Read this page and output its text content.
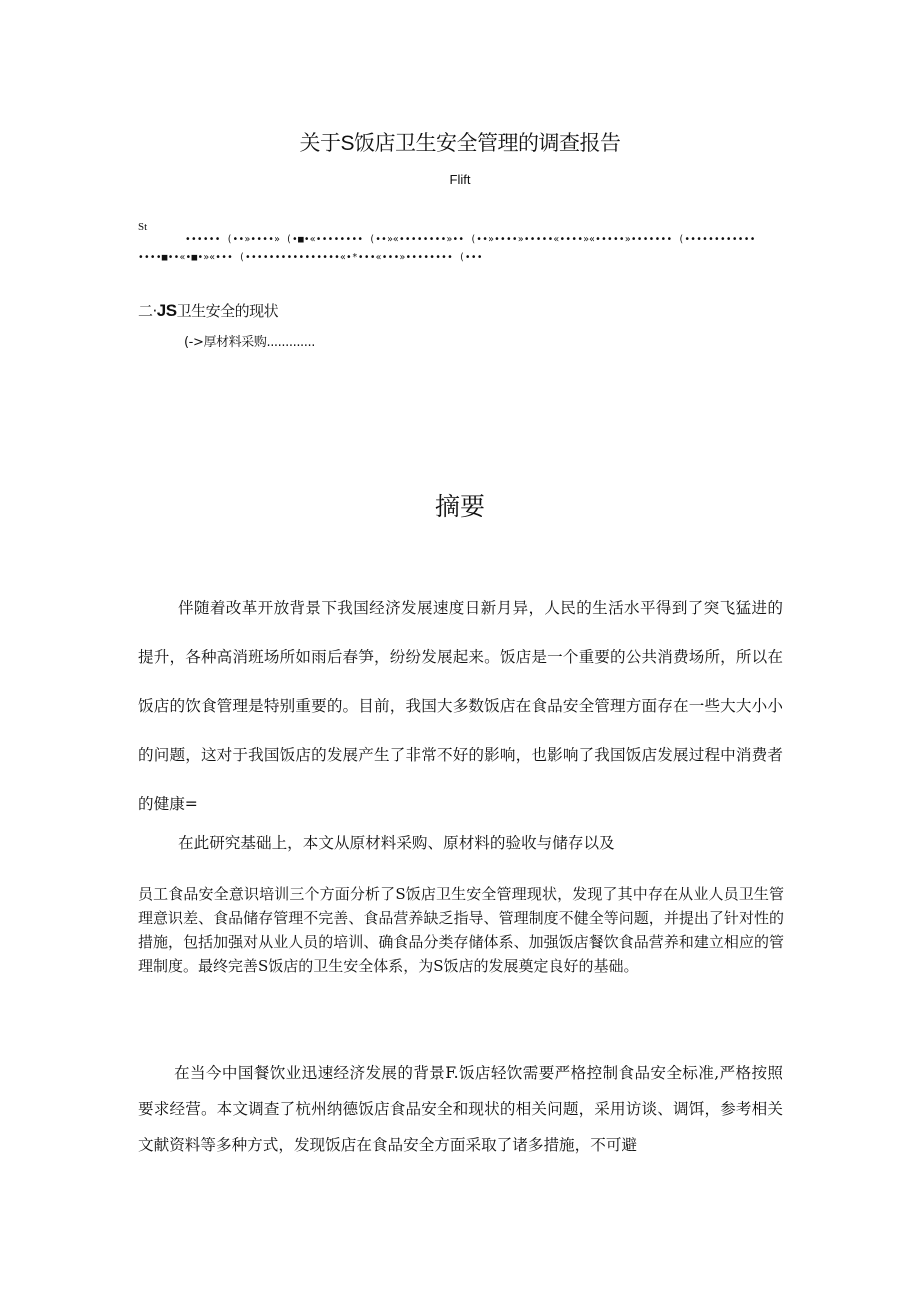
关于S饭店卫生安全管理的调查报告
Flift
St
•••••• (••»••••» (•■•«•••••••• (••»«••••••••»•• (••»••••»•••••«••••»«•••••»••••••• (••••••••••••
••••■••«•■•»«••• (••••••••••••••••«•*•••«•••»•••••••• (•••
二·JS卫生安全的现状
(->厚材料采购.............
摘要
伴随着改革开放背景下我国经济发展速度日新月异，人民的生活水平得到了突飞猛进的提升，各种高消班场所如雨后春笋，纷纷发展起来。饭店是一个重要的公共消费场所，所以在饭店的饮食管理是特别重要的。目前，我国大多数饭店在食品安全管理方面存在一些大大小小的问题，这对于我国饭店的发展产生了非常不好的影响，也影响了我国饭店发展过程中消费者的健康=
在此研究基础上，本文从原材料采购、原材料的验收与储存以及
员工食品安全意识培训三个方面分析了S饭店卫生安全管理现状，发现了其中存在从业人员卫生管理意识差、食品储存管理不完善、食品营养缺乏指导、管理制度不健全等问题，并提出了针对性的措施，包括加强对从业人员的培训、确食品分类存储体系、加强饭店餐饮食品营养和建立相应的管理制度。最终完善S饭店的卫生安全体系，为S饭店的发展奠定良好的基础。
在当今中国餐饮业迅速经济发展的背景F.饭店轻饮需要严格控制食品安全标准,严格按照要求经营。本文调查了杭州纳德饭店食品安全和现状的相关问题，采用访谈、调饵，参考相关文献资料等多种方式，发现饭店在食品安全方面采取了诸多措施，不可避
